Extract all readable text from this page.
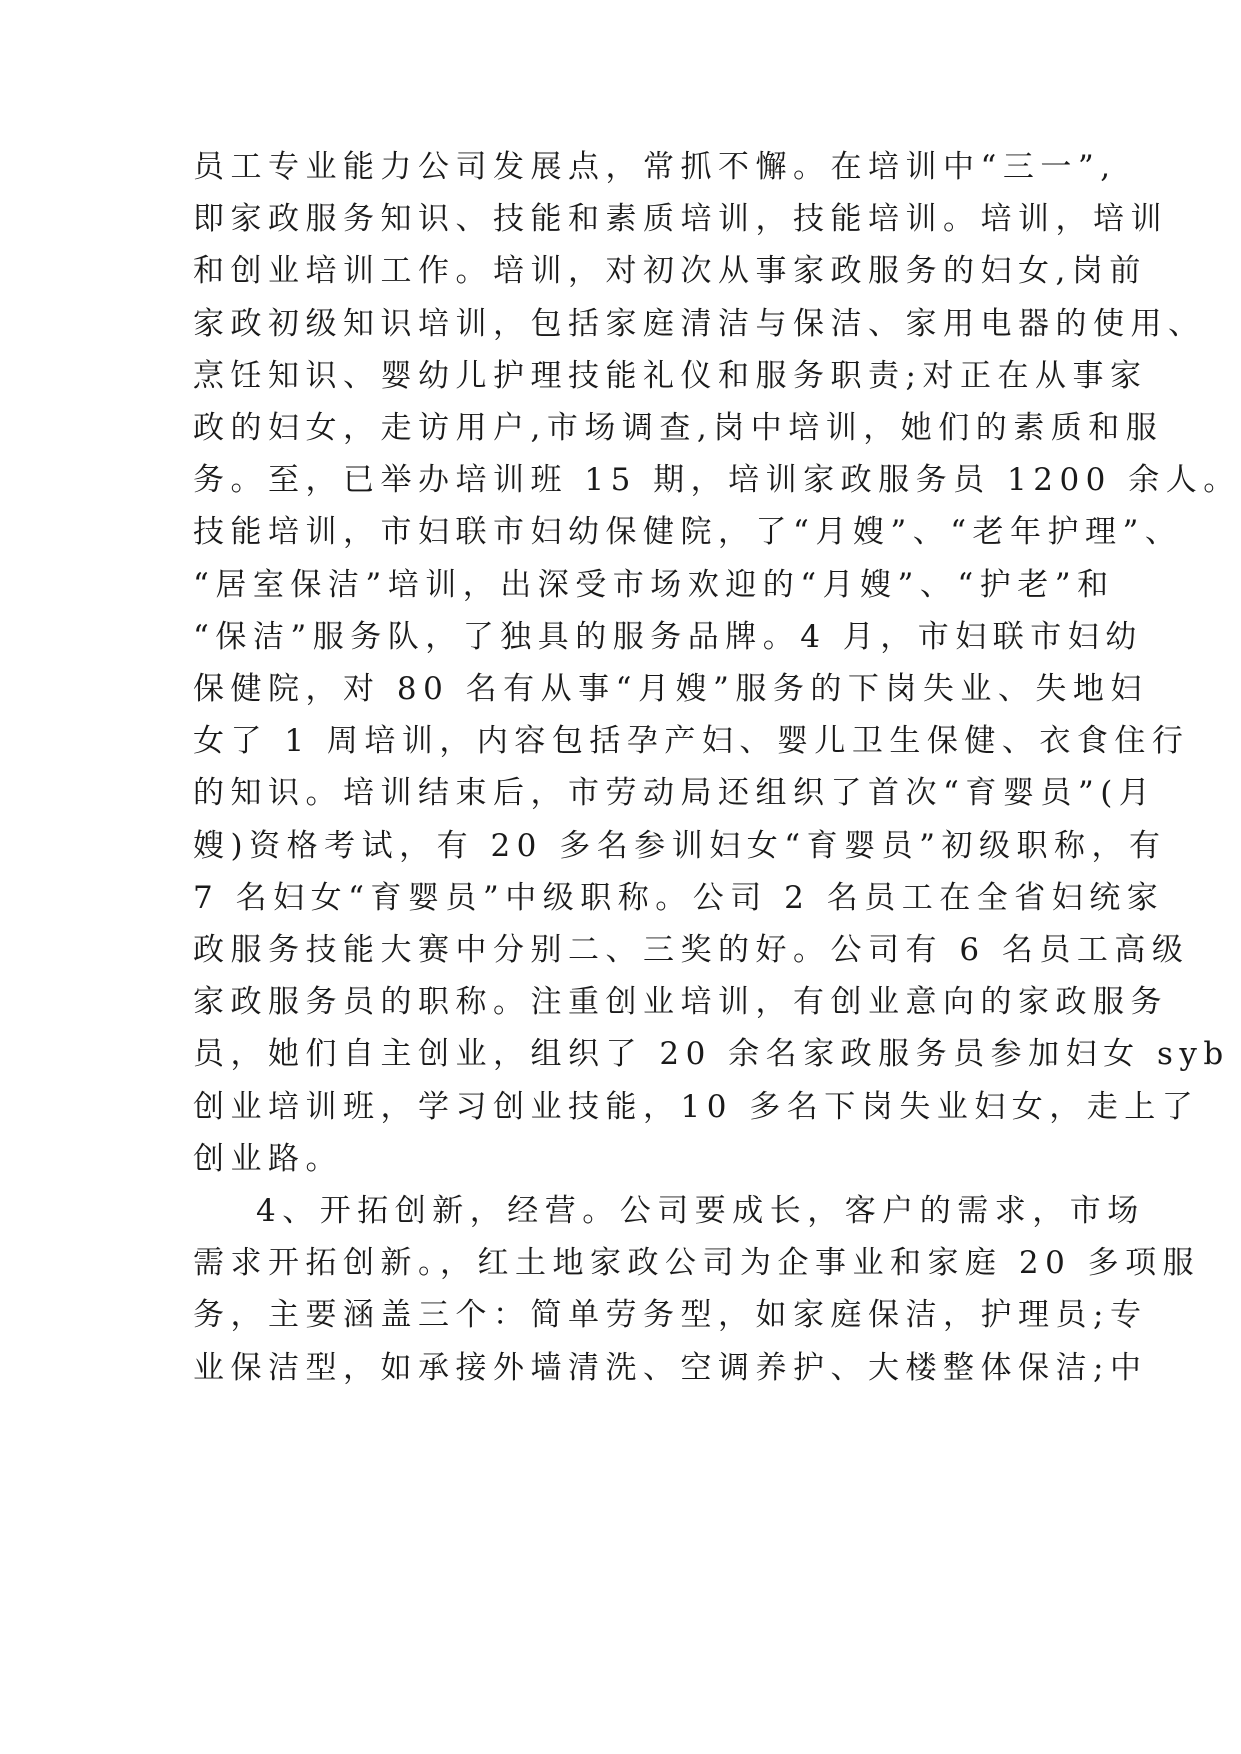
员工专业能力公司发展点，常抓不懈。在培训中“三一”,

即家政服务知识、技能和素质培训，技能培训。培训，培训

和创业培训工作。培训，对初次从事家政服务的妇女,岗前

家政初级知识培训，包括家庭清洁与保洁、家用电器的使用、

烹饪知识、婴幼儿护理技能礼仪和服务职责;对正在从事家

政的妇女，走访用户,市场调查,岗中培训，她们的素质和服

务。至，已举办培训班 15 期，培训家政服务员 1200 余人。

技能培训，市妇联市妇幼保健院，了“月嫂”、“老年护理”、

“居室保洁”培训，出深受市场欢迎的“月嫂”、“护老”和

“保洁”服务队，了独具的服务品牌。4 月，市妇联市妇幼

保健院，对 80 名有从事“月嫂”服务的下岗失业、失地妇

女了 1 周培训，内容包括孕产妇、婴儿卫生保健、衣食住行

的知识。培训结束后，市劳动局还组织了首次“育婴员”(月

嫂)资格考试，有 20 多名参训妇女“育婴员”初级职称，有

7 名妇女“育婴员”中级职称。公司 2 名员工在全省妇统家

政服务技能大赛中分别二、三奖的好。公司有 6 名员工高级

家政服务员的职称。注重创业培训，有创业意向的家政服务

员，她们自主创业，组织了 20 余名家政服务员参加妇女 syb

创业培训班，学习创业技能，10 多名下岗失业妇女，走上了

创业路。

4、开拓创新，经营。公司要成长，客户的需求，市场

需求开拓创新。，红土地家政公司为企事业和家庭 20 多项服

务，主要涵盖三个：简单劳务型，如家庭保洁，护理员;专

业保洁型，如承接外墙清洗、空调养护、大楼整体保洁;中
